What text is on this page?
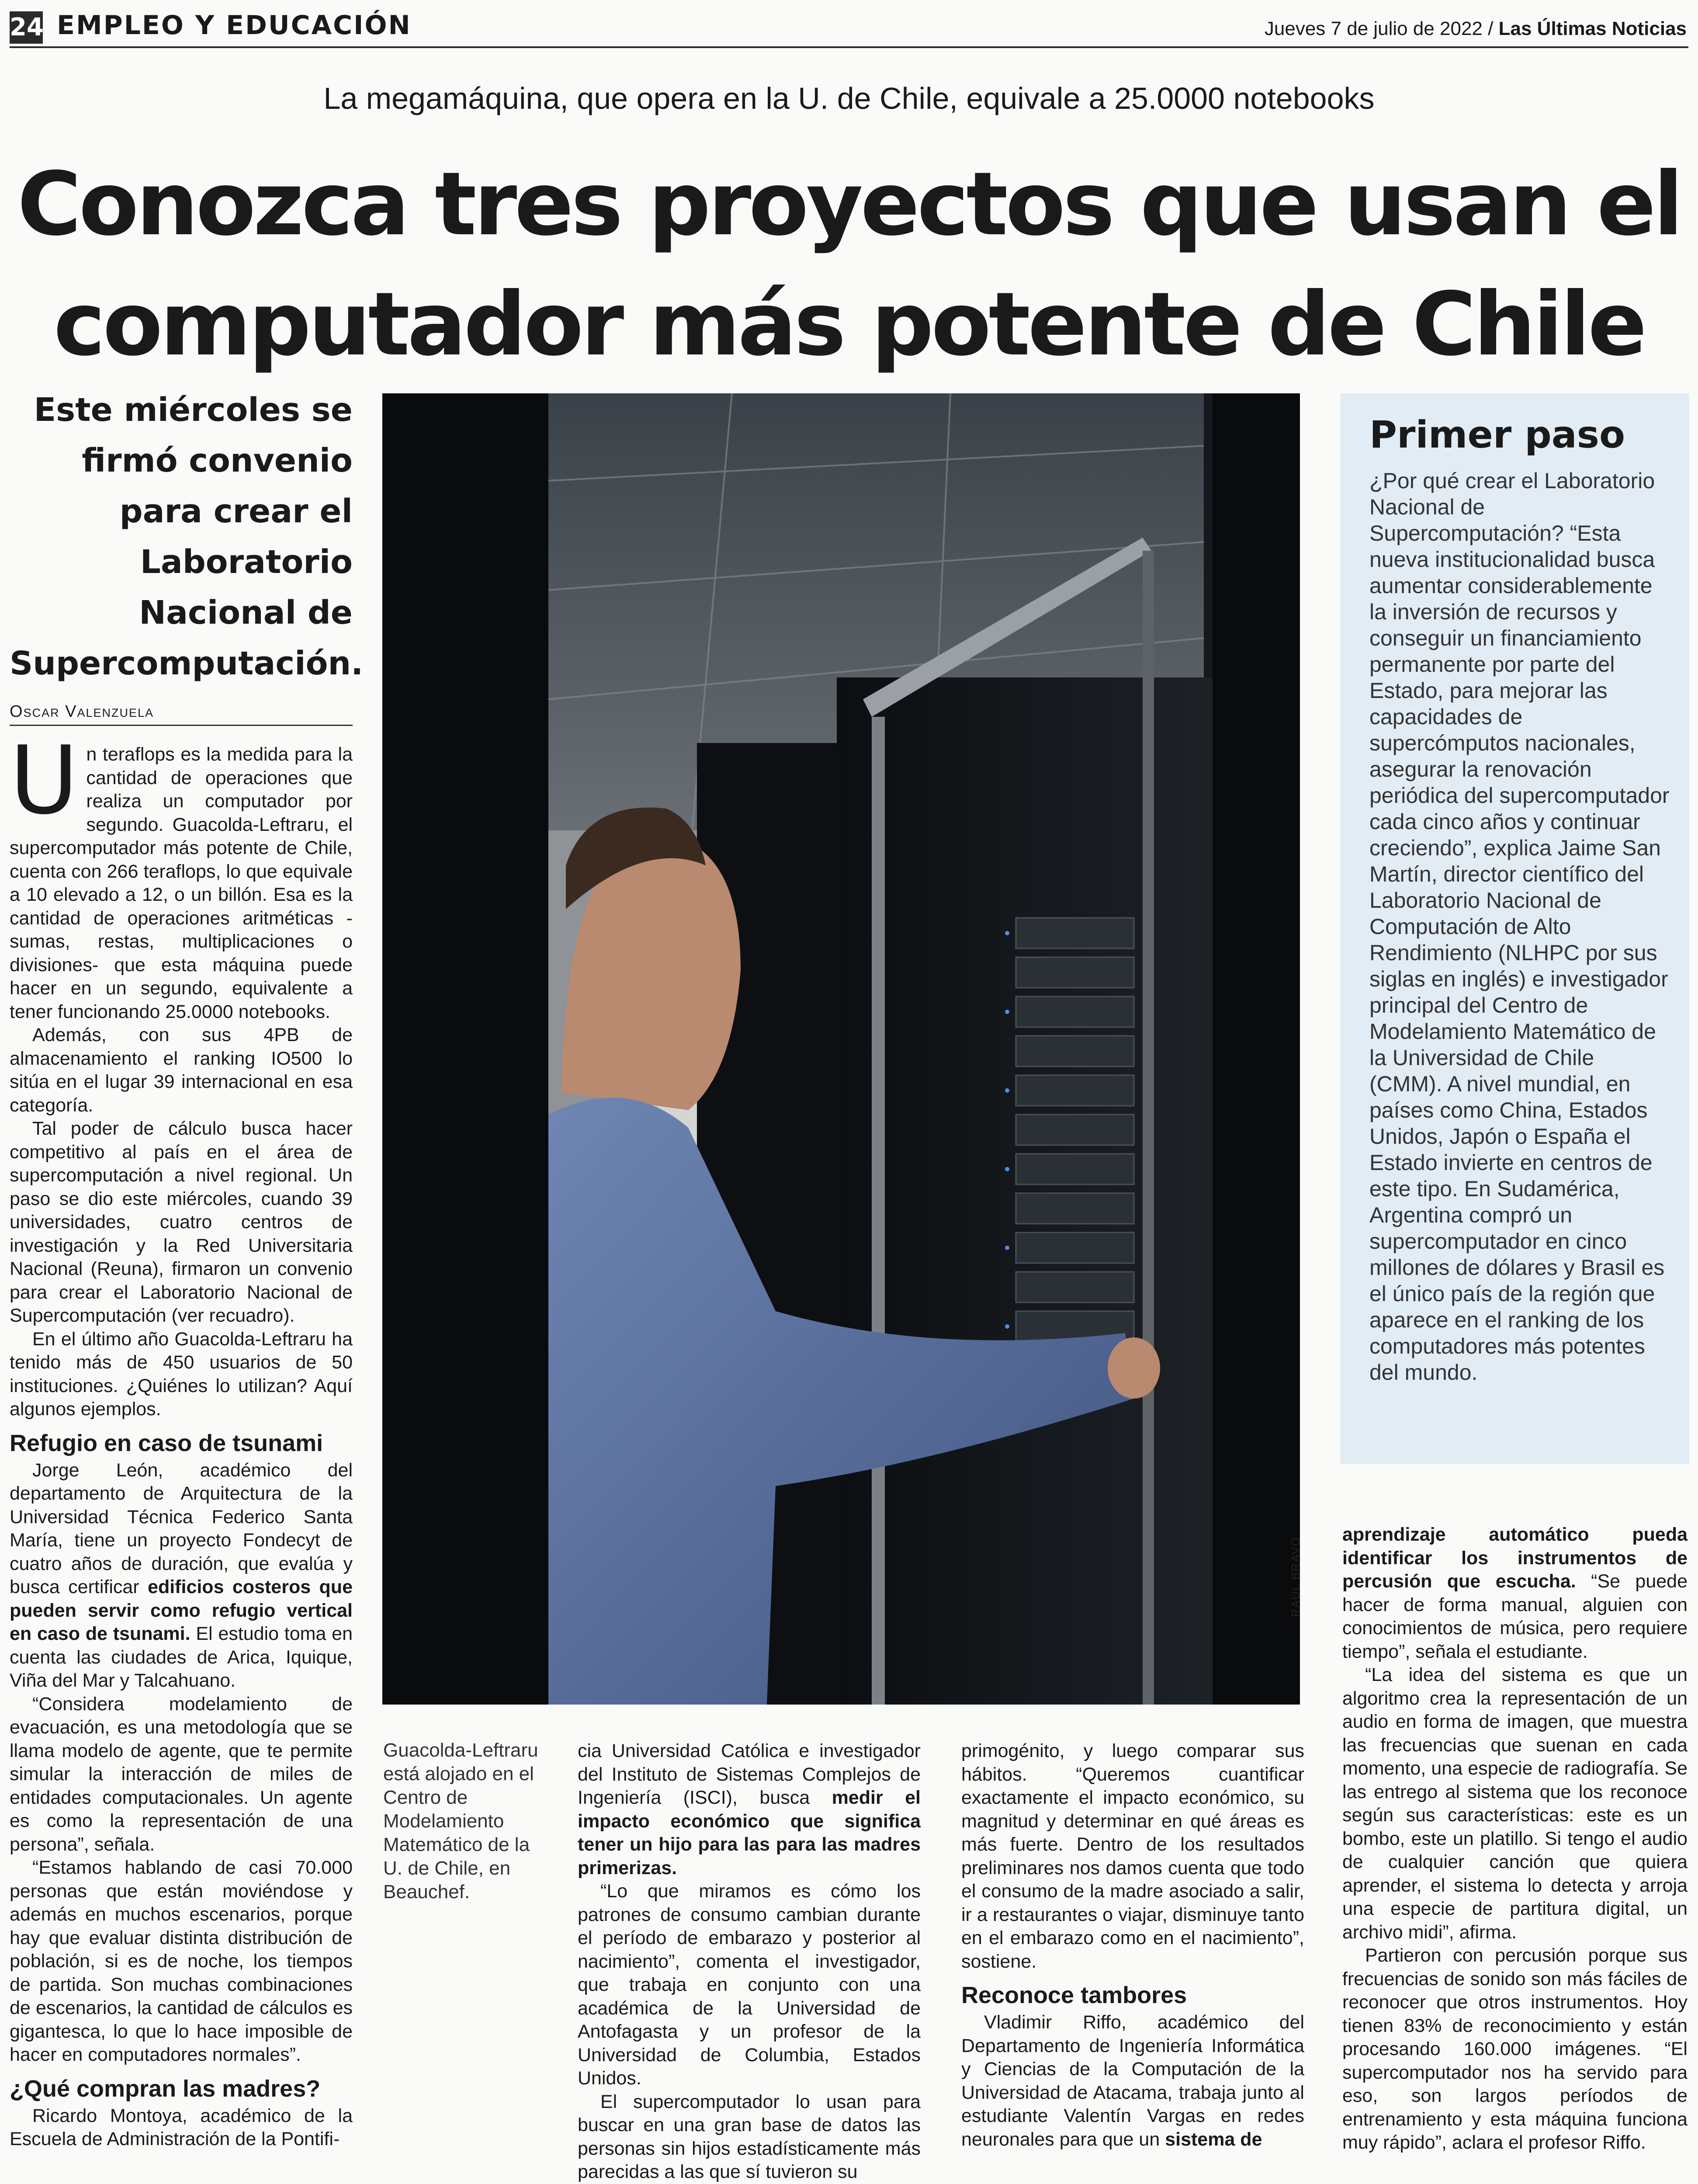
24 EMPLEO Y EDUCACIÓN	Jueves 7 de julio de 2022 / Las Últimas Noticias
La megamáquina, que opera en la U. de Chile, equivale a 25.0000 notebooks
Conozca tres proyectos que usan el computador más potente de Chile
Este miércoles se firmó convenio para crear el Laboratorio Nacional de Supercomputación.
Oscar Valenzuela

Un teraflops es la medida para la cantidad de operaciones que realiza un computador por segundo. Guacolda-Leftraru, el supercomputador más potente de Chile, cuenta con 266 teraflops, lo que equivale a 10 elevado a 12, o un billón. Esa es la cantidad de operaciones aritméticas -sumas, restas, multiplicaciones o divisiones- que esta máquina puede hacer en un segundo, equivalente a tener funcionando 25.0000 notebooks.

Además, con sus 4PB de almacenamiento el ranking IO500 lo sitúa en el lugar 39 internacional en esa categoría.

Tal poder de cálculo busca hacer competitivo al país en el área de supercomputación a nivel regional. Un paso se dio este miércoles, cuando 39 universidades, cuatro centros de investigación y la Red Universitaria Nacional (Reuna), firmaron un convenio para crear el Laboratorio Nacional de Supercomputación (ver recuadro).

En el último año Guacolda-Leftraru ha tenido más de 450 usuarios de 50 instituciones. ¿Quiénes lo utilizan? Aquí algunos ejemplos.

Refugio en caso de tsunami

Jorge León, académico del departamento de Arquitectura de la Universidad Técnica Federico Santa María, tiene un proyecto Fondecyt de cuatro años de duración, que evalúa y busca certificar edificios costeros que pueden servir como refugio vertical en caso de tsunami. El estudio toma en cuenta las ciudades de Arica, Iquique, Viña del Mar y Talcahuano.

“Considera modelamiento de evacuación, es una metodología que se llama modelo de agente, que te permite simular la interacción de miles de entidades computacionales. Un agente es como la representación de una persona”, señala.

“Estamos hablando de casi 70.000 personas que están moviéndose y además en muchos escenarios, porque hay que evaluar distinta distribución de población, si es de noche, los tiempos de partida. Son muchas combinaciones de escenarios, la cantidad de cálculos es gigantesca, lo que lo hace imposible de hacer en computadores normales”.

¿Qué compran las madres?

Ricardo Montoya, académico de la Escuela de Administración de la Pontifi-

RAÚL BRAVO
Guacolda-Leftraru está alojado en el Centro de Modelamiento Matemático de la U. de Chile, en Beauchef.
Primer paso
¿Por qué crear el Laboratorio Nacional de Supercomputación? “Esta nueva institucionalidad busca aumentar considerablemente la inversión de recursos y conseguir un financiamiento permanente por parte del Estado, para mejorar las capacidades de supercómputos nacionales, asegurar la renovación periódica del supercomputador cada cinco años y continuar creciendo”, explica Jaime San Martín, director científico del Laboratorio Nacional de Computación de Alto Rendimiento (NLHPC por sus siglas en inglés) e investigador principal del Centro de Modelamiento Matemático de la Universidad de Chile (CMM). A nivel mundial, en países como China, Estados Unidos, Japón o España el Estado invierte en centros de este tipo. En Sudamérica, Argentina compró un supercomputador en cinco millones de dólares y Brasil es el único país de la región que aparece en el ranking de los computadores más potentes del mundo.

cia Universidad Católica e investigador del Instituto de Sistemas Complejos de Ingeniería (ISCI), busca medir el impacto económico que significa tener un hijo para las para las madres primerizas.

“Lo que miramos es cómo los patrones de consumo cambian durante el período de embarazo y posterior al nacimiento”, comenta el investigador, que trabaja en conjunto con una académica de la Universidad de Antofagasta y un profesor de la Universidad de Columbia, Estados Unidos.

El supercomputador lo usan para buscar en una gran base de datos las personas sin hijos estadísticamente más parecidas a las que sí tuvieron su

primogénito, y luego comparar sus hábitos. “Queremos cuantificar exactamente el impacto económico, su magnitud y determinar en qué áreas es más fuerte. Dentro de los resultados preliminares nos damos cuenta que todo el consumo de la madre asociado a salir, ir a restaurantes o viajar, disminuye tanto en el embarazo como en el nacimiento”, sostiene.

Reconoce tambores

Vladimir Riffo, académico del Departamento de Ingeniería Informática y Ciencias de la Computación de la Universidad de Atacama, trabaja junto al estudiante Valentín Vargas en redes neuronales para que un sistema de

aprendizaje automático pueda identificar los instrumentos de percusión que escucha. “Se puede hacer de forma manual, alguien con conocimientos de música, pero requiere tiempo”, señala el estudiante.

“La idea del sistema es que un algoritmo crea la representación de un audio en forma de imagen, que muestra las frecuencias que suenan en cada momento, una especie de radiografía. Se las entrego al sistema que los reconoce según sus características: este es un bombo, este un platillo. Si tengo el audio de cualquier canción que quiera aprender, el sistema lo detecta y arroja una especie de partitura digital, un archivo midi”, afirma.

Partieron con percusión porque sus frecuencias de sonido son más fáciles de reconocer que otros instrumentos. Hoy tienen 83% de reconocimiento y están procesando 160.000 imágenes. “El supercomputador nos ha servido para eso, son largos períodos de entrenamiento y esta máquina funciona muy rápido”, aclara el profesor Riffo.
